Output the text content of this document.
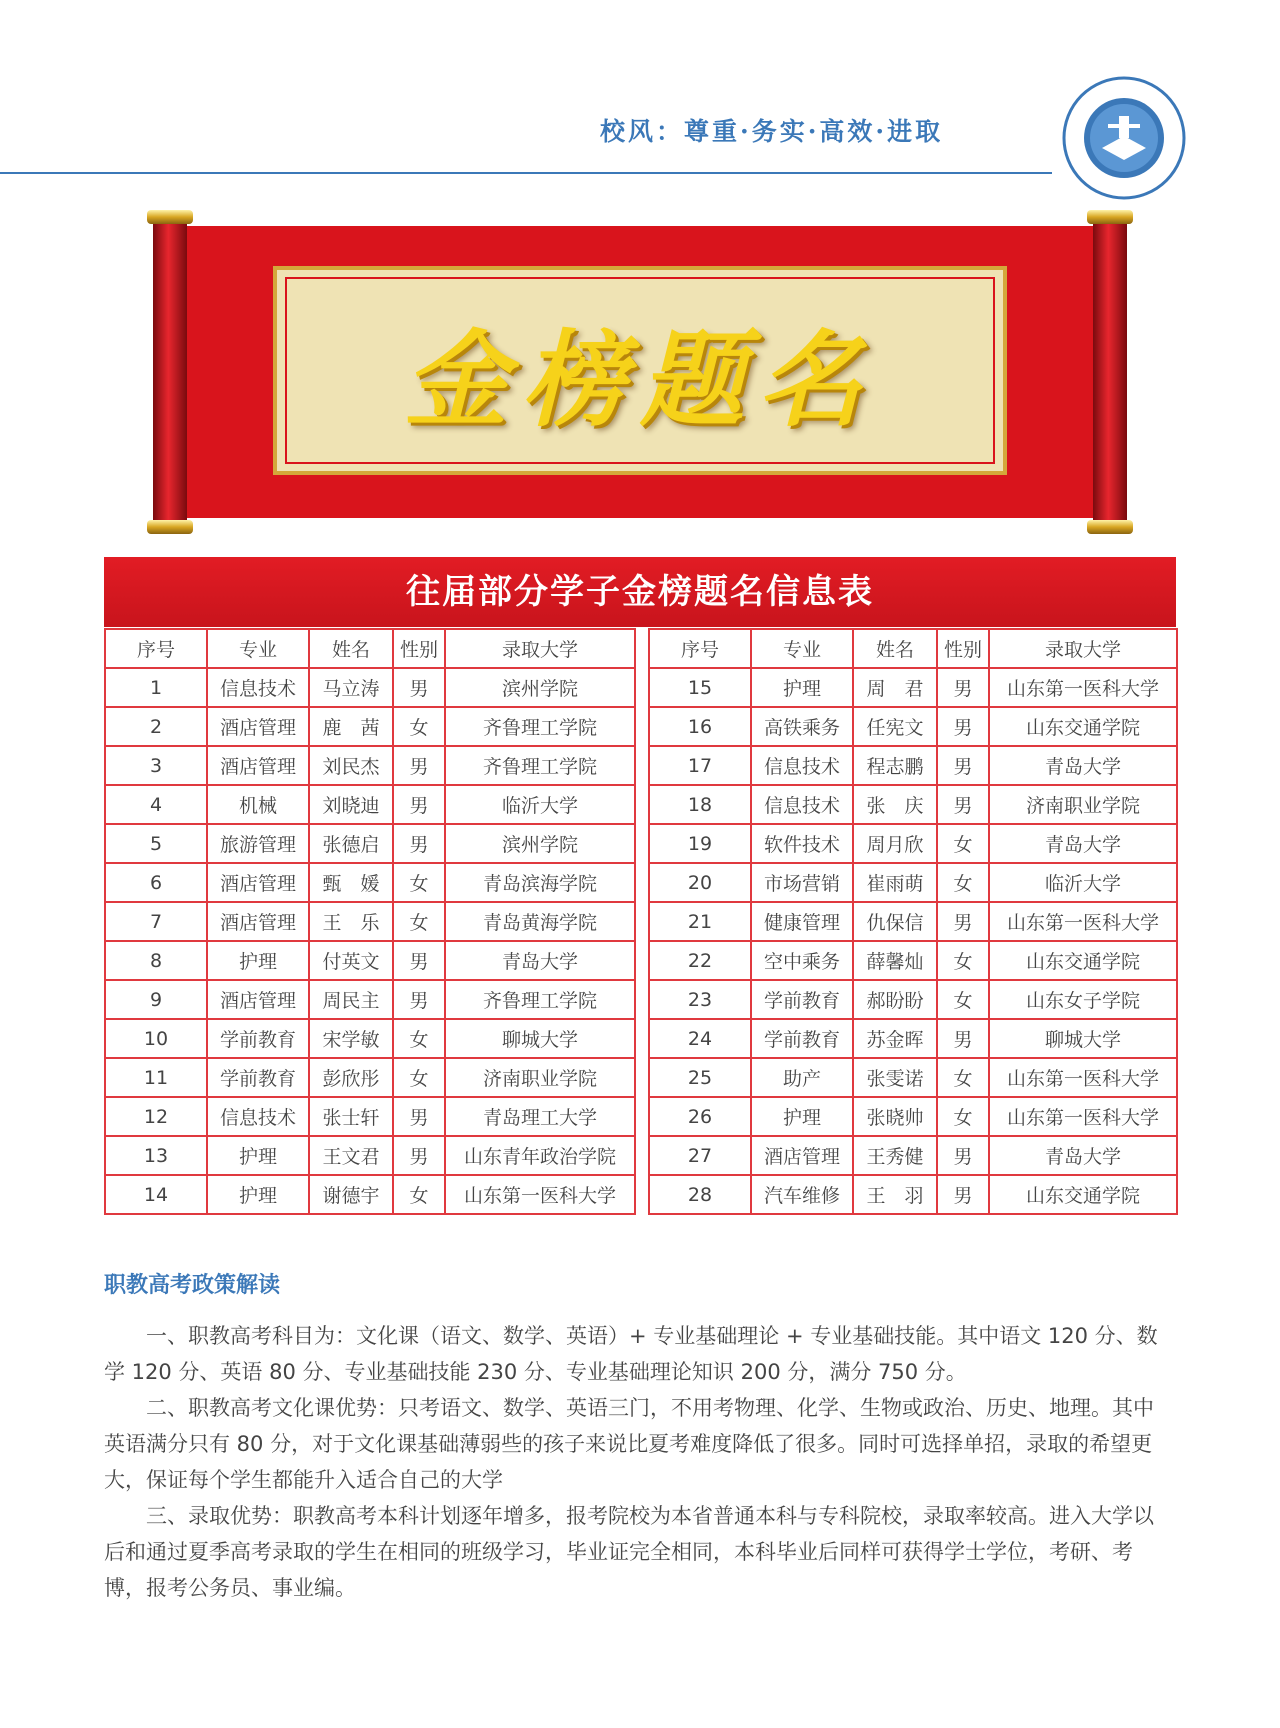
校风：尊重·务实·高效·进取
金榜题名
往届部分学子金榜题名信息表
序号	专业	姓名	性别	录取大学
1	信息技术	马立涛	男	滨州学院
2	酒店管理	鹿　茜	女	齐鲁理工学院
3	酒店管理	刘民杰	男	齐鲁理工学院
4	机械	刘晓迪	男	临沂大学
5	旅游管理	张德启	男	滨州学院
6	酒店管理	甄　媛	女	青岛滨海学院
7	酒店管理	王　乐	女	青岛黄海学院
8	护理	付英文	男	青岛大学
9	酒店管理	周民主	男	齐鲁理工学院
10	学前教育	宋学敏	女	聊城大学
11	学前教育	彭欣彤	女	济南职业学院
12	信息技术	张士轩	男	青岛理工大学
13	护理	王文君	男	山东青年政治学院
14	护理	谢德宇	女	山东第一医科大学
序号	专业	姓名	性别	录取大学
15	护理	周　君	男	山东第一医科大学
16	高铁乘务	任宪文	男	山东交通学院
17	信息技术	程志鹏	男	青岛大学
18	信息技术	张　庆	男	济南职业学院
19	软件技术	周月欣	女	青岛大学
20	市场营销	崔雨萌	女	临沂大学
21	健康管理	仇保信	男	山东第一医科大学
22	空中乘务	薛馨灿	女	山东交通学院
23	学前教育	郝盼盼	女	山东女子学院
24	学前教育	苏金晖	男	聊城大学
25	助产	张雯诺	女	山东第一医科大学
26	护理	张晓帅	女	山东第一医科大学
27	酒店管理	王秀健	男	青岛大学
28	汽车维修	王　羽	男	山东交通学院
职教高考政策解读
一、职教高考科目为：文化课（语文、数学、英语）+ 专业基础理论 + 专业基础技能。其中语文 120 分、数学 120 分、英语 80 分、专业基础技能 230 分、专业基础理论知识 200 分，满分 750 分。
二、职教高考文化课优势：只考语文、数学、英语三门，不用考物理、化学、生物或政治、历史、地理。其中英语满分只有 80 分，对于文化课基础薄弱些的孩子来说比夏考难度降低了很多。同时可选择单招，录取的希望更大，保证每个学生都能升入适合自己的大学
三、录取优势：职教高考本科计划逐年增多，报考院校为本省普通本科与专科院校，录取率较高。进入大学以后和通过夏季高考录取的学生在相同的班级学习，毕业证完全相同，本科毕业后同样可获得学士学位，考研、考博，报考公务员、事业编。
